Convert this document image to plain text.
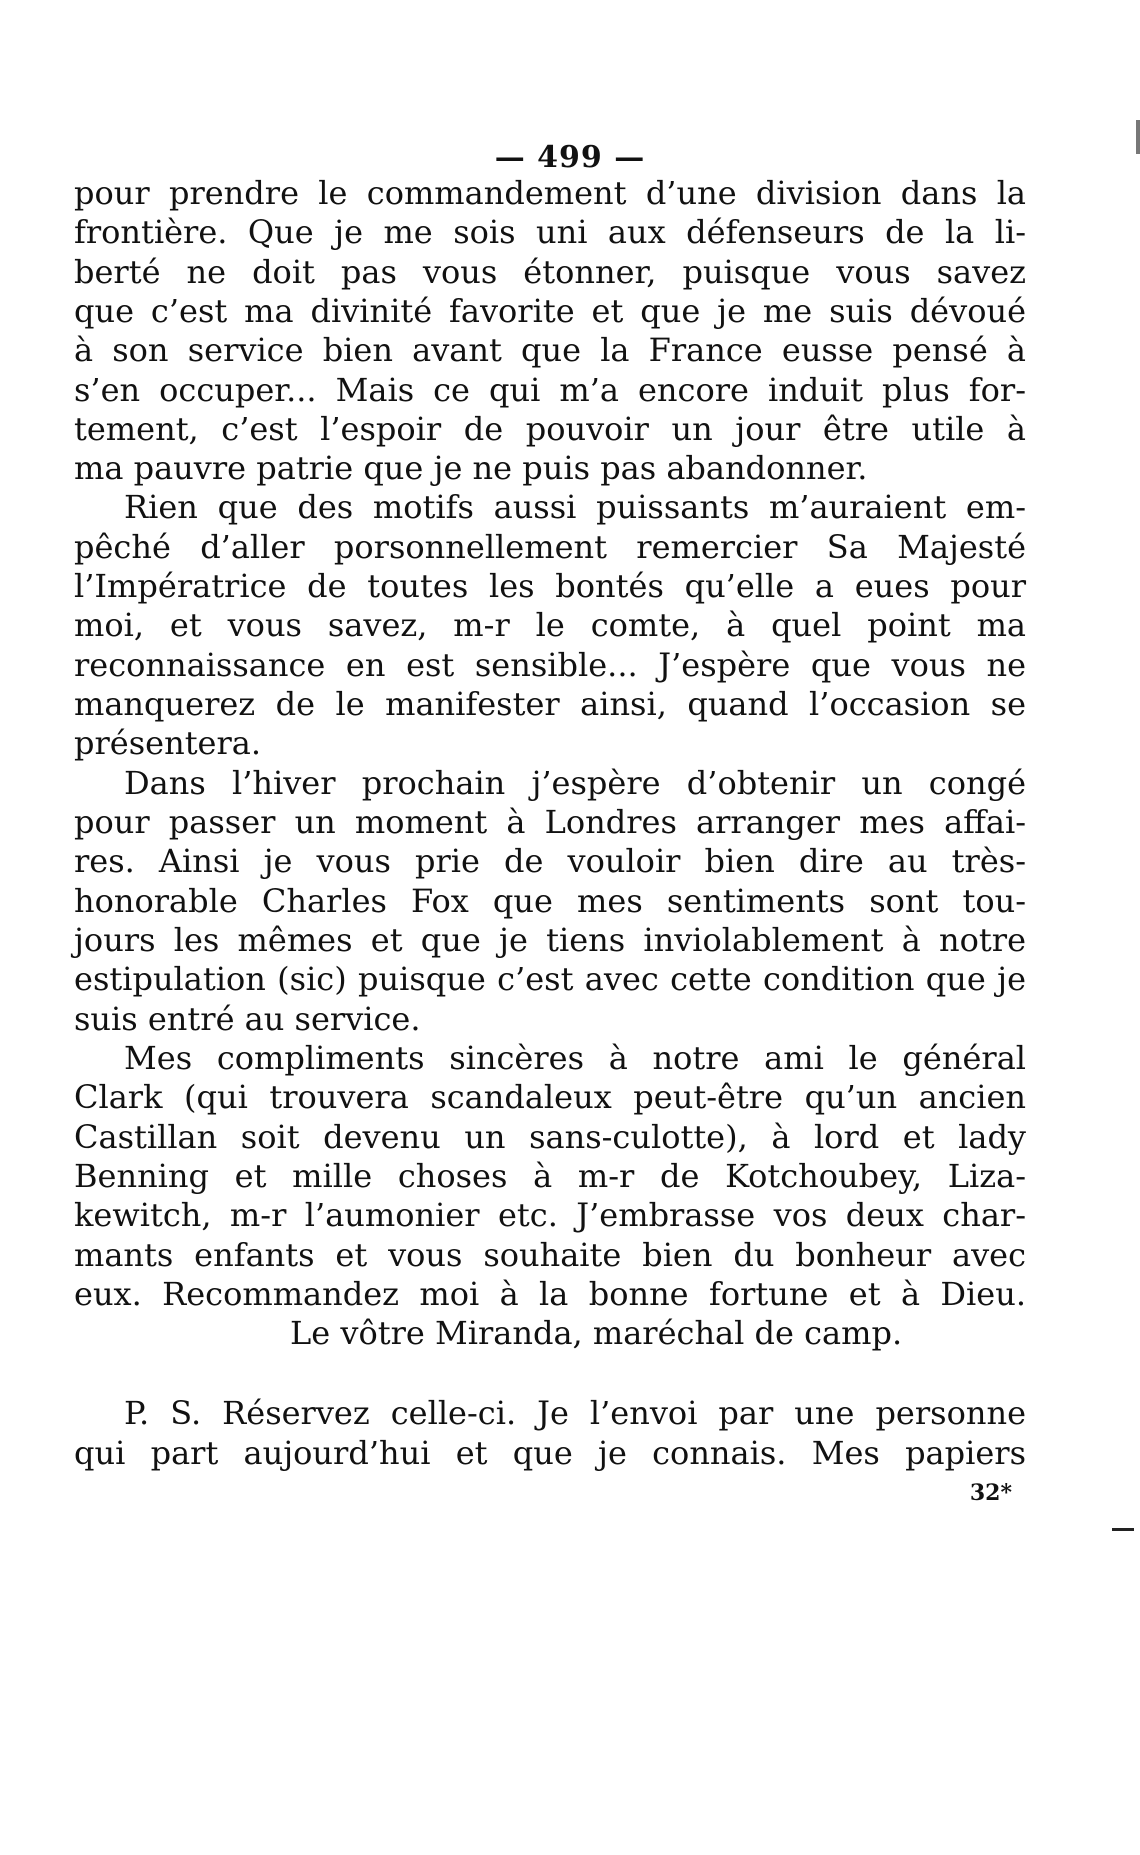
— 499 —
pour prendre le commandement d’une division dans la
frontière. Que je me sois uni aux défenseurs de la li-
berté ne doit pas vous étonner, puisque vous savez
que c’est ma divinité favorite et que je me suis dévoué
à son service bien avant que la France eusse pensé à
s’en occuper... Mais ce qui m’a encore induit plus for-
tement, c’est l’espoir de pouvoir un jour être utile à
ma pauvre patrie que je ne puis pas abandonner.
Rien que des motifs aussi puissants m’auraient em-
pêché d’aller porsonnellement remercier Sa Majesté
l’Impératrice de toutes les bontés qu’elle a eues pour
moi, et vous savez, m-r le comte, à quel point ma
reconnaissance en est sensible... J’espère que vous ne
manquerez de le manifester ainsi, quand l’occasion se
présentera.
Dans l’hiver prochain j’espère d’obtenir un congé
pour passer un moment à Londres arranger mes affai-
res. Ainsi je vous prie de vouloir bien dire au très-
honorable Charles Fox que mes sentiments sont tou-
jours les mêmes et que je tiens inviolablement à notre
estipulation (sic) puisque c’est avec cette condition que je
suis entré au service.
Mes compliments sincères à notre ami le général
Clark (qui trouvera scandaleux peut-être qu’un ancien
Castillan soit devenu un sans-culotte), à lord et lady
Benning et mille choses à m-r de Kotchoubey, Liza-
kewitch, m-r l’aumonier etc. J’embrasse vos deux char-
mants enfants et vous souhaite bien du bonheur avec
eux. Recommandez moi à la bonne fortune et à Dieu.
Le vôtre Miranda, maréchal de camp.
P. S. Réservez celle-ci. Je l’envoi par une personne
qui part aujourd’hui et que je connais. Mes papiers
32*
